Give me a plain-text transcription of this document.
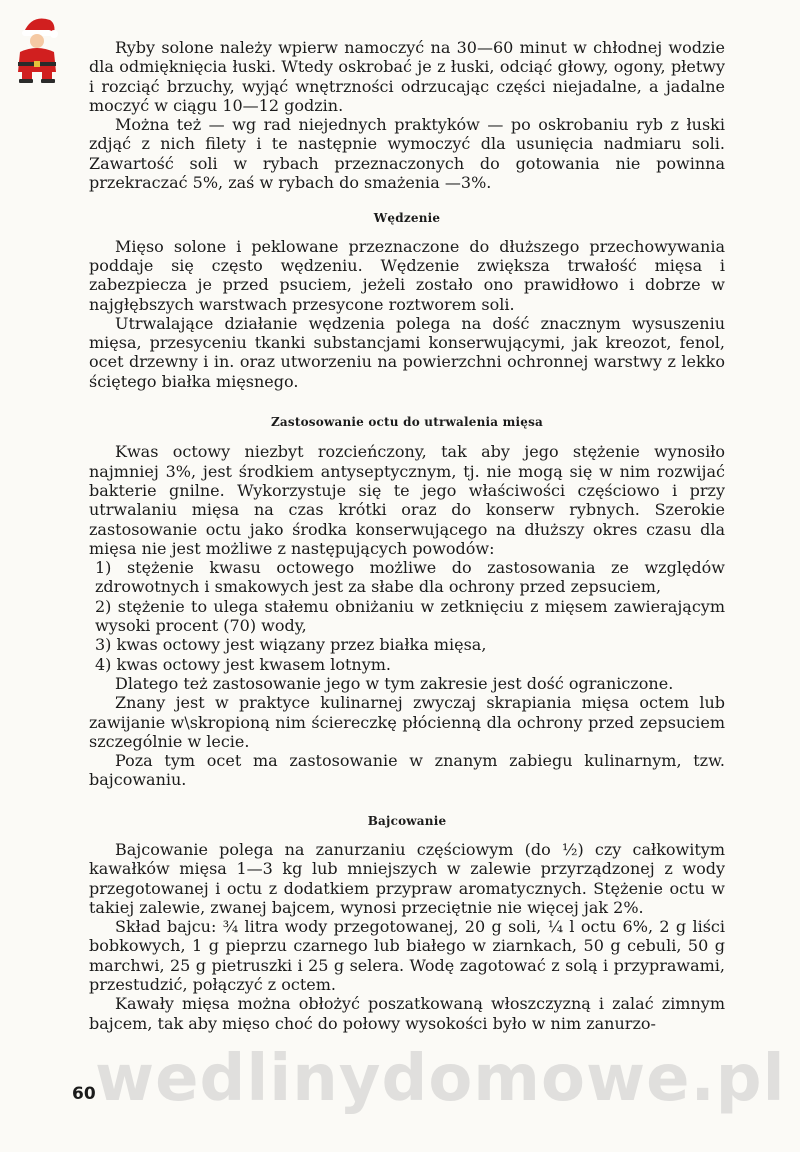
Ryby solone należy wpierw namoczyć na 30—60 minut w chłodnej wodzie dla odmięknięcia łuski. Wtedy oskrobać je z łuski, odciąć głowy, ogony, płetwy i rozciąć brzuchy, wyjąć wnętrzności odrzucając części niejadalne, a jadalne moczyć w ciągu 10—12 godzin.

Można też — wg rad niejednych praktyków — po oskrobaniu ryb z łuski zdjąć z nich filety i te następnie wymoczyć dla usunięcia nadmiaru soli. Zawartość soli w rybach przeznaczonych do gotowania nie powinna przekraczać 5%, zaś w rybach do smażenia —3%.

Wędzenie

Mięso solone i peklowane przeznaczone do dłuższego przechowywania poddaje się często wędzeniu. Wędzenie zwiększa trwałość mięsa i zabezpiecza je przed psuciem, jeżeli zostało ono prawidłowo i dobrze w najgłębszych warstwach przesycone roztworem soli.

Utrwalające działanie wędzenia polega na dość znacznym wysuszeniu mięsa, przesyceniu tkanki substancjami konserwującymi, jak kreozot, fenol, ocet drzewny i in. oraz utworzeniu na powierzchni ochronnej warstwy z lekko ściętego białka mięsnego.

Zastosowanie octu do utrwalenia mięsa

Kwas octowy niezbyt rozcieńczony, tak aby jego stężenie wynosiło najmniej 3%, jest środkiem antyseptycznym, tj. nie mogą się w nim rozwijać bakterie gnilne. Wykorzystuje się te jego właściwości częściowo i przy utrwalaniu mięsa na czas krótki oraz do konserw rybnych. Szerokie zastosowanie octu jako środka konserwującego na dłuższy okres czasu dla mięsa nie jest możliwe z następujących powodów:

1) stężenie kwasu octowego możliwe do zastosowania ze względów zdrowotnych i smakowych jest za słabe dla ochrony przed zepsuciem,

2) stężenie to ulega stałemu obniżaniu w zetknięciu z mięsem zawierającym wysoki procent (70) wody,

3) kwas octowy jest wiązany przez białka mięsa,

4) kwas octowy jest kwasem lotnym.

Dlatego też zastosowanie jego w tym zakresie jest dość ograniczone.

Znany jest w praktyce kulinarnej zwyczaj skrapiania mięsa octem lub zawijanie w\skropioną nim ściereczkę płócienną dla ochrony przed zepsuciem szczególnie w lecie.

Poza tym ocet ma zastosowanie w znanym zabiegu kulinarnym, tzw. bajcowaniu.

Bajcowanie

Bajcowanie polega na zanurzaniu częściowym (do ½) czy całkowitym kawałków mięsa 1—3 kg lub mniejszych w zalewie przyrządzonej z wody przegotowanej i octu z dodatkiem przypraw aromatycznych. Stężenie octu w takiej zalewie, zwanej bajcem, wynosi przeciętnie nie więcej jak 2%.

Skład bajcu: ¾ litra wody przegotowanej, 20 g soli, ¼ l octu 6%, 2 g liści bobkowych, 1 g pieprzu czarnego lub białego w ziarnkach, 50 g cebuli, 50 g marchwi, 25 g pietruszki i 25 g selera. Wodę zagotować z solą i przyprawami, przestudzić, połączyć z octem.

Kawały mięsa można obłożyć poszatkowaną włoszczyzną i zalać zimnym bajcem, tak aby mięso choć do połowy wysokości było w nim zanurzo-

wedlinydomowe.pl
60
